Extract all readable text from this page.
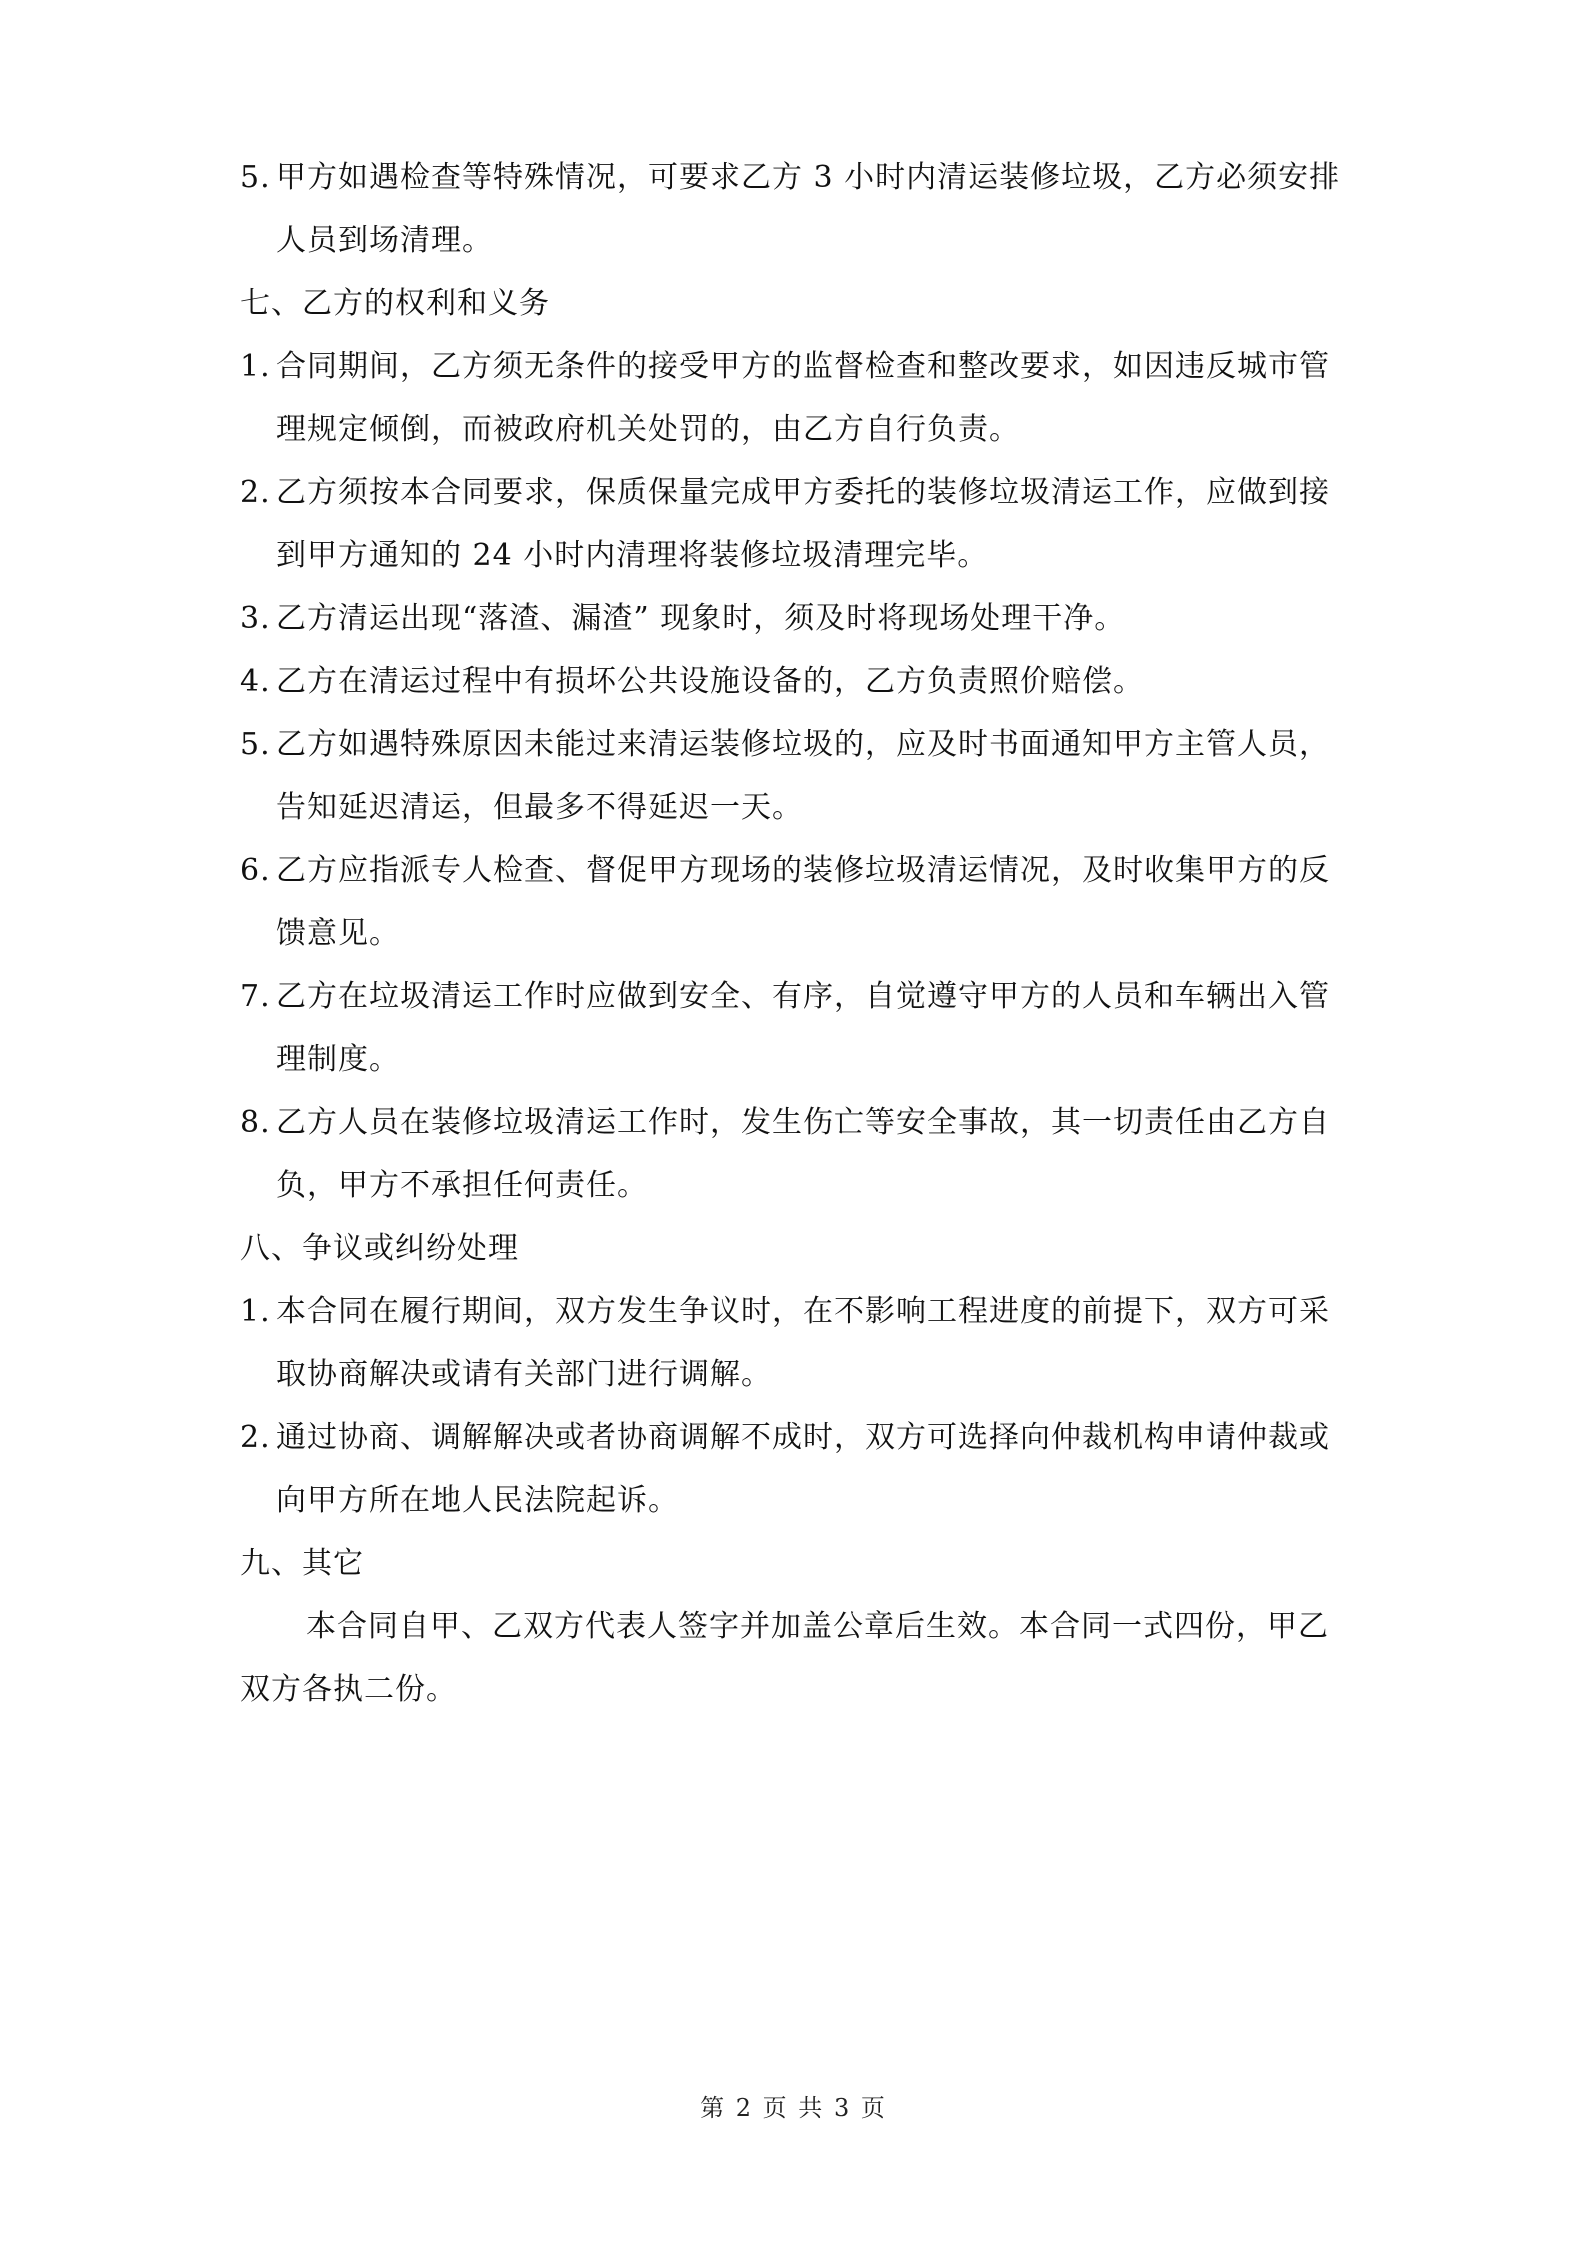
5. 甲方如遇检查等特殊情况，可要求乙方 3 小时内清运装修垃圾，乙方必须安排人员到场清理。
七、乙方的权利和义务
1. 合同期间，乙方须无条件的接受甲方的监督检查和整改要求，如因违反城市管理规定倾倒，而被政府机关处罚的，由乙方自行负责。
2. 乙方须按本合同要求，保质保量完成甲方委托的装修垃圾清运工作，应做到接到甲方通知的 24 小时内清理将装修垃圾清理完毕。
3. 乙方清运出现“落渣、漏渣” 现象时，须及时将现场处理干净。
4. 乙方在清运过程中有损坏公共设施设备的，乙方负责照价赔偿。
5. 乙方如遇特殊原因未能过来清运装修垃圾的，应及时书面通知甲方主管人员，告知延迟清运，但最多不得延迟一天。
6. 乙方应指派专人检查、督促甲方现场的装修垃圾清运情况，及时收集甲方的反馈意见。
7. 乙方在垃圾清运工作时应做到安全、有序，自觉遵守甲方的人员和车辆出入管理制度。
8. 乙方人员在装修垃圾清运工作时，发生伤亡等安全事故，其一切责任由乙方自负，甲方不承担任何责任。
八、争议或纠纷处理
1. 本合同在履行期间，双方发生争议时，在不影响工程进度的前提下，双方可采取协商解决或请有关部门进行调解。
2. 通过协商、调解解决或者协商调解不成时，双方可选择向仲裁机构申请仲裁或向甲方所在地人民法院起诉。
九、其它
本合同自甲、乙双方代表人签字并加盖公章后生效。本合同一式四份，甲乙双方各执二份。
第 2 页 共 3 页
